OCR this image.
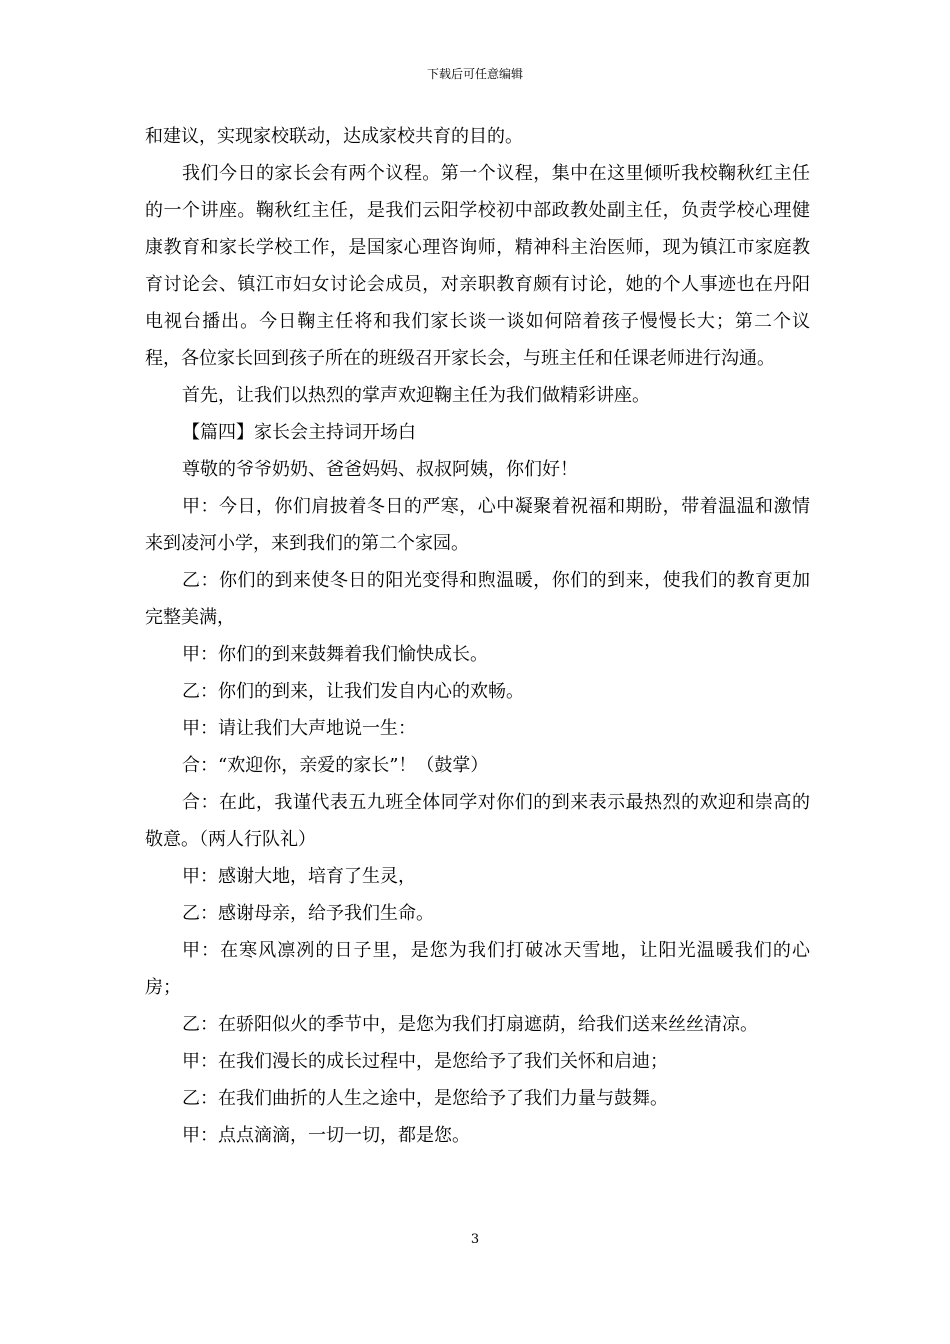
下载后可任意编辑

和建议，实现家校联动，达成家校共育的目的。

我们今日的家长会有两个议程。第一个议程，集中在这里倾听我校鞠秋红主任的一个讲座。鞠秋红主任，是我们云阳学校初中部政教处副主任，负责学校心理健康教育和家长学校工作，是国家心理咨询师，精神科主治医师，现为镇江市家庭教育讨论会、镇江市妇女讨论会成员，对亲职教育颇有讨论，她的个人事迹也在丹阳电视台播出。今日鞠主任将和我们家长谈一谈如何陪着孩子慢慢长大；第二个议程，各位家长回到孩子所在的班级召开家长会，与班主任和任课老师进行沟通。

首先，让我们以热烈的掌声欢迎鞠主任为我们做精彩讲座。

【篇四】家长会主持词开场白

尊敬的爷爷奶奶、爸爸妈妈、叔叔阿姨，你们好！

甲：今日，你们肩披着冬日的严寒，心中凝聚着祝福和期盼，带着温温和激情来到凌河小学，来到我们的第二个家园。

乙：你们的到来使冬日的阳光变得和煦温暖，你们的到来，使我们的教育更加完整美满，

甲：你们的到来鼓舞着我们愉快成长。

乙：你们的到来，让我们发自内心的欢畅。

甲：请让我们大声地说一生：

合：“欢迎你，亲爱的家长”！（鼓掌）

合：在此，我谨代表五九班全体同学对你们的到来表示最热烈的欢迎和崇高的敬意。（两人行队礼）

甲：感谢大地，培育了生灵，

乙：感谢母亲，给予我们生命。

甲：在寒风凛冽的日子里，是您为我们打破冰天雪地，让阳光温暖我们的心房；

乙：在骄阳似火的季节中，是您为我们打扇遮荫，给我们送来丝丝清凉。

甲：在我们漫长的成长过程中，是您给予了我们关怀和启迪；

乙：在我们曲折的人生之途中，是您给予了我们力量与鼓舞。

甲：点点滴滴，一切一切，都是您。

3
